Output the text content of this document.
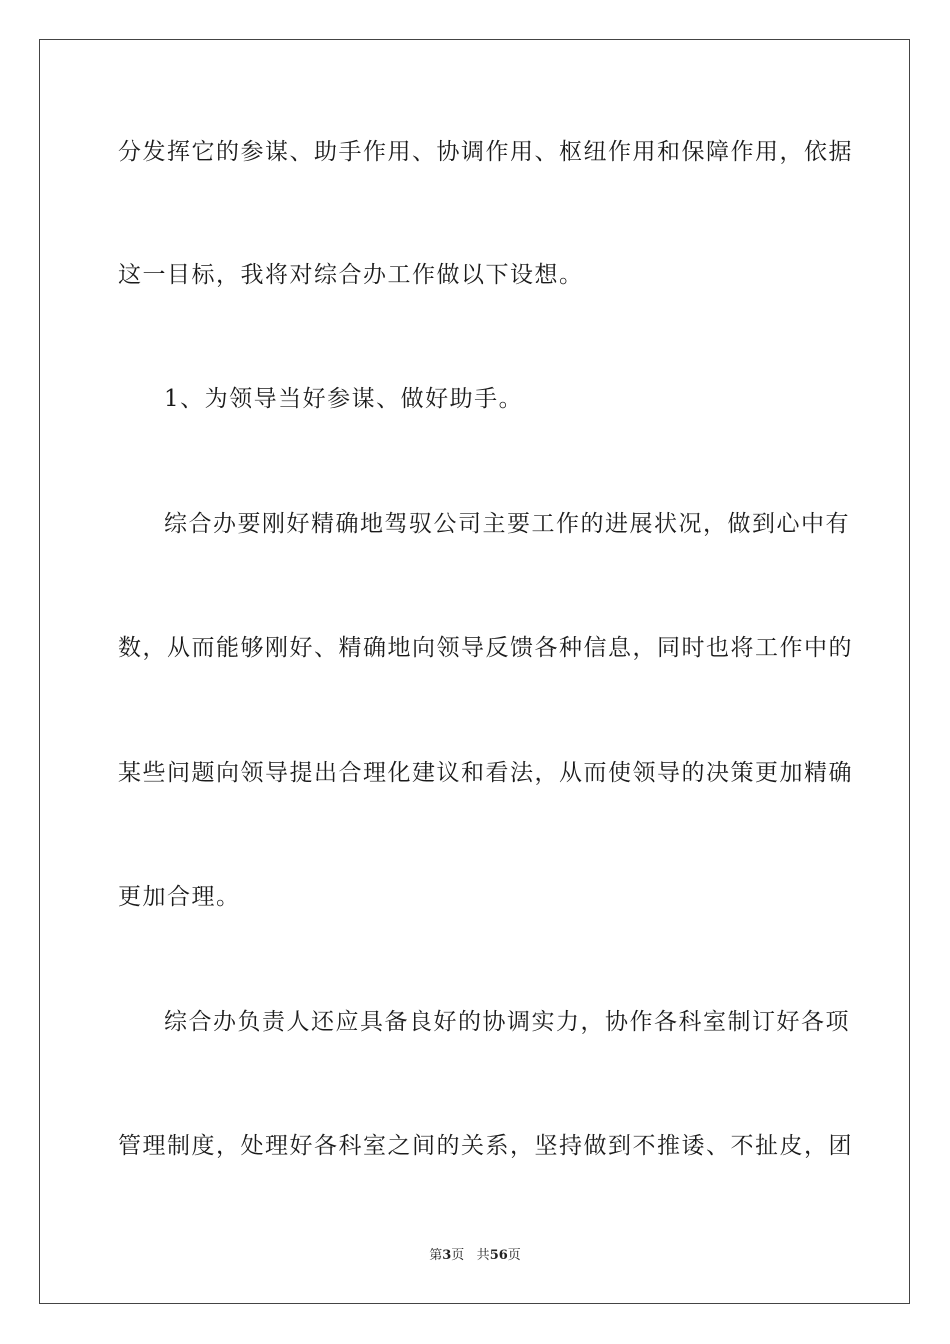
分发挥它的参谋、助手作用、协调作用、枢纽作用和保障作用，依据
这一目标，我将对综合办工作做以下设想。
1、为领导当好参谋、做好助手。
综合办要刚好精确地驾驭公司主要工作的进展状况，做到心中有
数，从而能够刚好、精确地向领导反馈各种信息，同时也将工作中的
某些问题向领导提出合理化建议和看法，从而使领导的决策更加精确
更加合理。
综合办负责人还应具备良好的协调实力，协作各科室制订好各项
管理制度，处理好各科室之间的关系，坚持做到不推诿、不扯皮，团
第3页 共56页
